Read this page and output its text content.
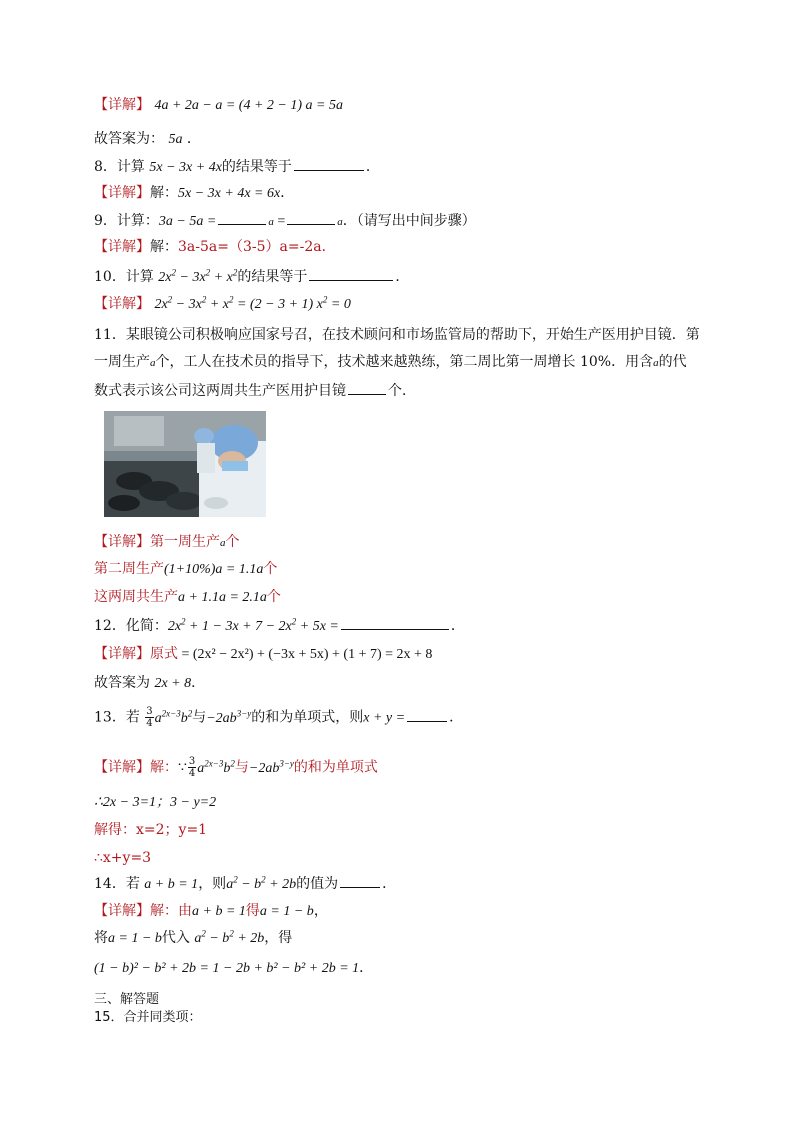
【详解】 4a + 2a − a = (4 + 2 − 1) a = 5a
故答案为： 5a ．
8．计算 5x − 3x + 4x的结果等于	．
【详解】解：5x − 3x + 4x = 6x．
9．计算：3a − 5a =	a =	a．（请写出中间步骤）
【详解】解：3a-5a=（3-5）a=-2a．
10．计算 $2x^2 - 3x^2 + x^2$的结果等于	．
【详解】 $2x^2 - 3x^2 + x^2 = (2 - 3 + 1) x^2 = 0$
11．某眼镜公司积极响应国家号召，在技术顾问和市场监管局的帮助下，开始生产医用护目镜．第
一周生产a个，工人在技术员的指导下，技术越来越熟练，第二周比第一周增长 10%．用含a的代
数式表示该公司这两周共生产医用护目镜	个．
【详解】第一周生产a个
第二周生产(1+10%)a = 1.1a个
这两周共生产a + 1.1a = 2.1a个
12．化简：$2x^2 + 1 - 3x + 7 - 2x^2 + 5x$ =	．
【详解】原式 = (2x² − 2x²) + (−3x + 5x) + (1 + 7) = 2x + 8
故答案为 2x + 8．
13．若 $\frac{3}{4} a^{2x-3}b^2$与$-2ab^{3-y}$的和为单项式，则x + y =	．
【详解】解：∵ $\frac{3}{4} a^{2x-3}b^2$与$-2ab^{3-y}$的和为单项式
∴2x − 3=1；3 − y=2
解得：x=2；y=1
∴x+y=3
14．若 a + b = 1，则$a^2 - b^2 + 2b$的值为	．
【详解】解：由a + b = 1得a = 1 − b，
将a = 1 − b代入 $a^2 - b^2 + 2b$，得
(1 − b)² − b² + 2b = 1 − 2b + b² − b² + 2b = 1．
三、解答题
15．合并同类项：
